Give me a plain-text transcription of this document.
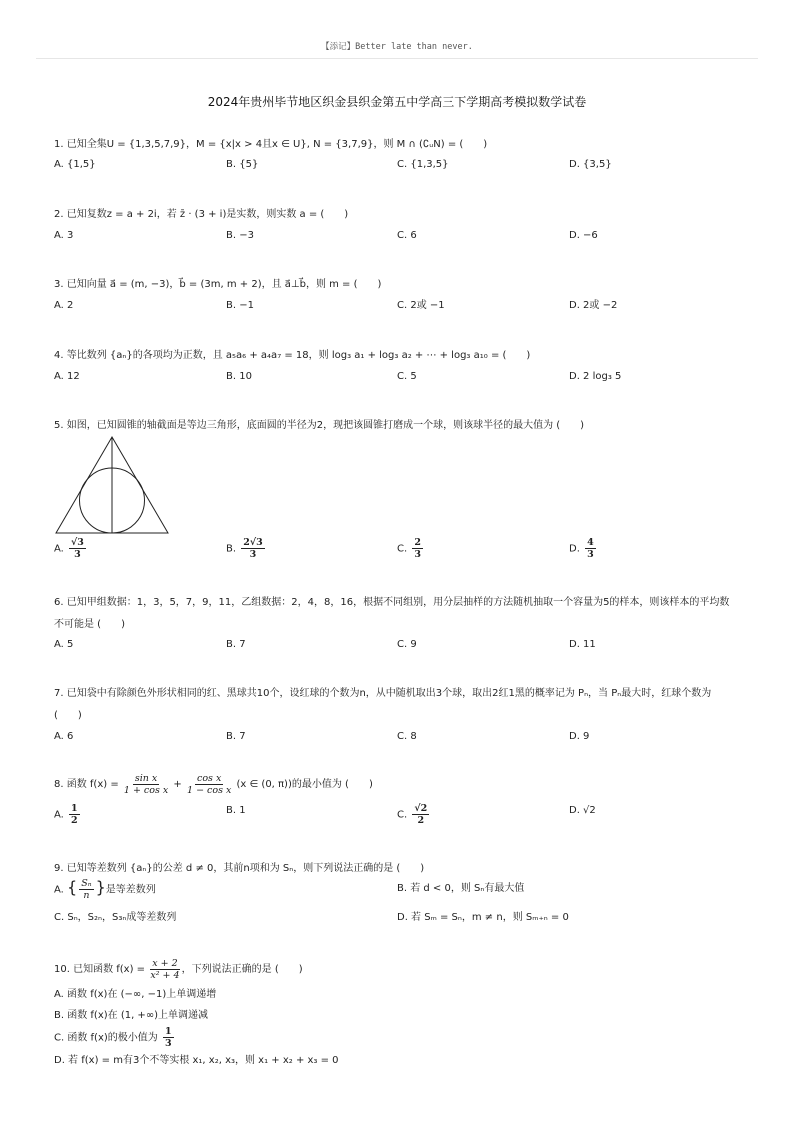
【添记】Better late than never.
2024年贵州毕节地区织金县织金第五中学高三下学期高考模拟数学试卷
1. 已知全集U = {1,3,5,7,9}，M = {x|x > 4且x ∈ U}, N = {3,7,9}，则 M ∩ (∁ᵤN) = (　　)
A. {1,5}	B. {5}	C. {1,3,5}	D. {3,5}
2. 已知复数z = a + 2i，若 z̄ · (3 + i)是实数，则实数 a = (　　)
A. 3	B. −3	C. 6	D. −6
3. 已知向量 a⃗ = (m, −3)，b⃗ = (3m, m + 2)，且 a⃗⊥b⃗，则 m = (　　)
A. 2	B. −1	C. 2或 −1	D. 2或 −2
4. 等比数列 {aₙ}的各项均为正数，且 a₅a₆ + a₄a₇ = 18，则 log₃ a₁ + log₃ a₂ + ⋯ + log₃ a₁₀ = (　　)
A. 12	B. 10	C. 5	D. 2 log₃ 5
5. 如图，已知圆锥的轴截面是等边三角形，底面圆的半径为2，现把该圆锥打磨成一个球，则该球半径的最大值为 (　　)
A. $\frac{√3}{3}$	B. $\frac{2√3}{3}$	C. $\frac{2}{3}$	D. $\frac{4}{3}$
6. 已知甲组数据：1，3，5，7，9，11，乙组数据：2，4，8，16，根据不同组别，用分层抽样的方法随机抽取一个容量为5的样本，则该样本的平均数不可能是 (　　)
A. 5	B. 7	C. 9	D. 11
7. 已知袋中有除颜色外形状相同的红、黑球共10个，设红球的个数为n，从中随机取出3个球，取出2红1黑的概率记为 Pₙ，当 Pₙ最大时，红球个数为 (　　)
A. 6	B. 7	C. 8	D. 9
8. 函数 $f(x) = \frac{\text{sin x}}{\text{1 + cos x}} + \frac{\text{cos x}}{\text{1 − cos x}} (x$ ∈ (0, π))的最小值为 (　　)
A. $\frac{1}{2}$	B. 1	C. $\frac{√2}{2}$	D. √2
9. 已知等差数列 {aₙ}的公差 d ≠ 0，其前n项和为 Sₙ，则下列说法正确的是 (　　)
A. { $\frac{\text{Sₙ}}{n}$ }是等差数列	B. 若 d < 0，则 Sₙ有最大值
C. Sₙ，S₂ₙ，S₃ₙ成等差数列	D. 若 Sₘ = Sₙ，m ≠ n，则 Sₘ₊ₙ = 0
10. 已知函数 $f(x) = \frac{x + 2}{\text{x² + 4}}$ ，下列说法正确的是 (　　)
A. 函数 f(x)在 (−∞, −1)上单调递增
B. 函数 f(x)在 (1, +∞)上单调递减
C. 函数 f(x)的极小值为 $\frac{1}{3}$
D. 若 f(x) = m有3个不等实根 x₁, x₂, x₃，则 x₁ + x₂ + x₃ = 0
